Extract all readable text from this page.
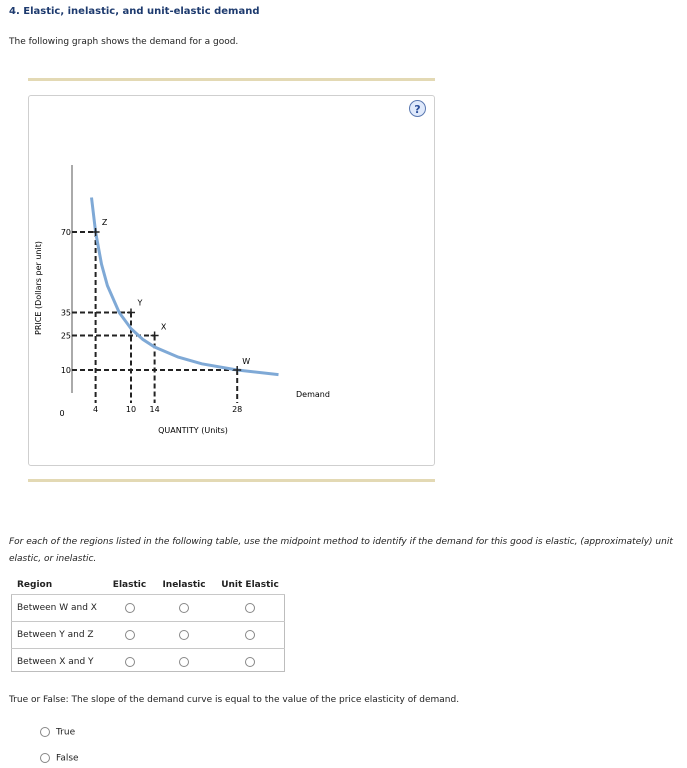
4. Elastic, inelastic, and unit-elastic demand
The following graph shows the demand for a good.
?
Z
Y
X
W
70
35
25
10
4	10 14	28
0
PRICE (Dollars per unit)
QUANTITY (Units)
Demand
For each of the regions listed in the following table, use the midpoint method to identify if the demand for this good is elastic, (approximately) unit elastic, or inelastic.
Region	Elastic	Inelastic	Unit Elastic
Between W and X			
Between Y and Z			
Between X and Y			
True or False: The slope of the demand curve is equal to the value of the price elasticity of demand.
True
False
